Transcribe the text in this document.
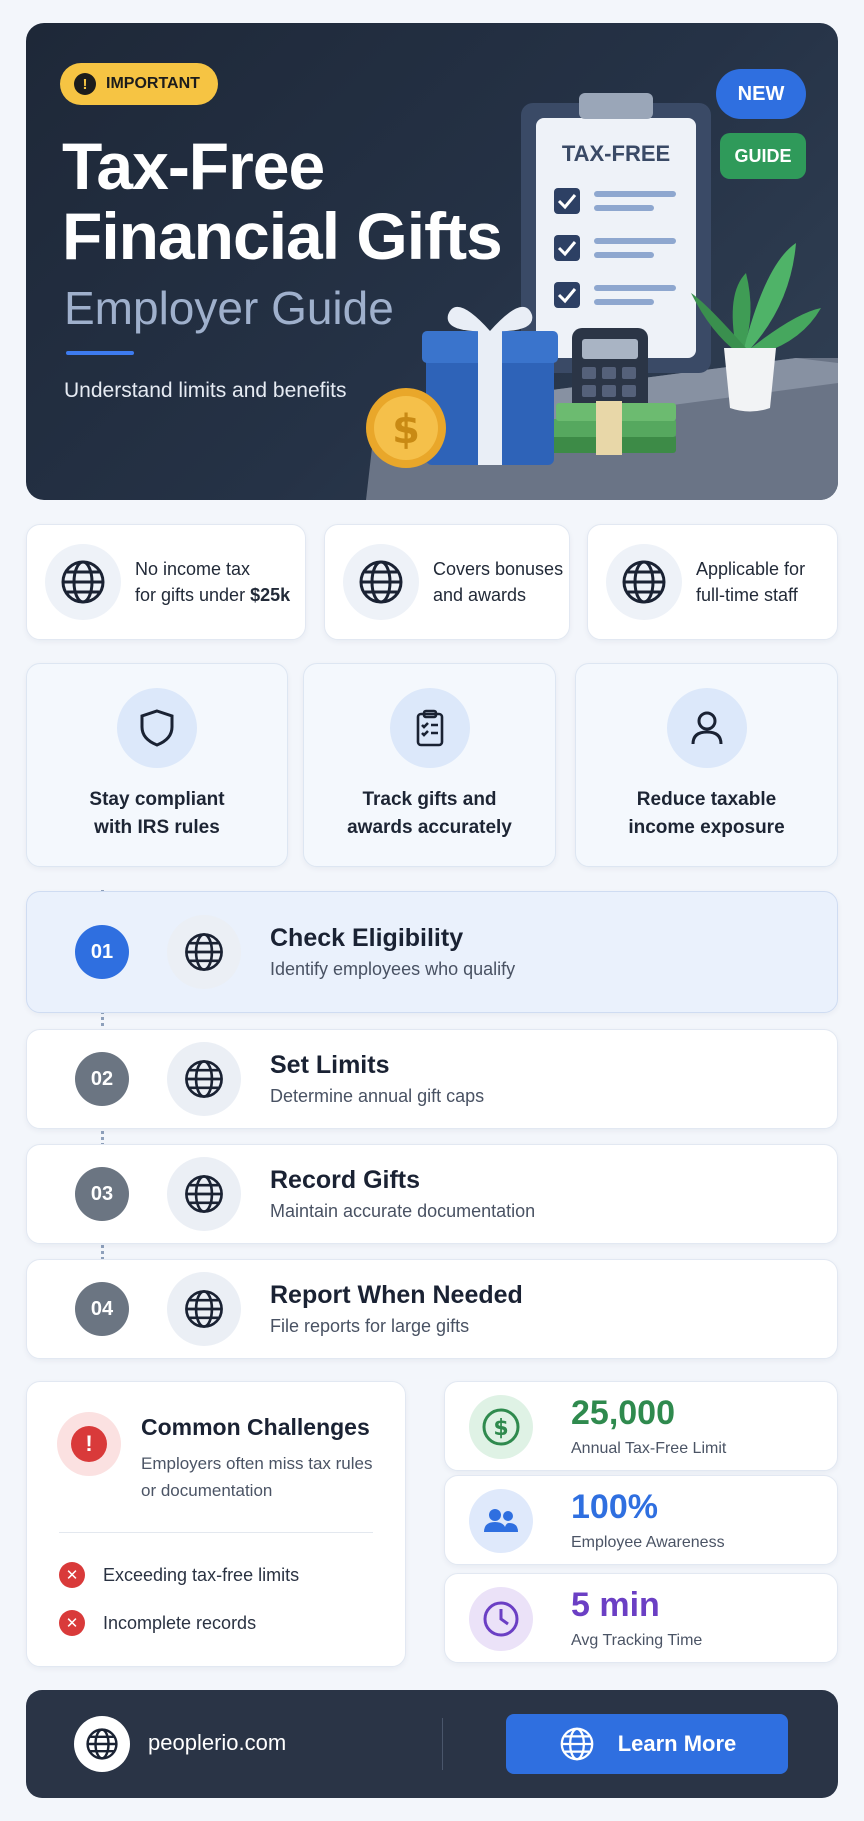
!	IMPORTANT
Tax-Free
Financial Gifts
Employer Guide
Understand limits and benefits
TAX-FREE
$
NEW
GUIDE
No income tax
for gifts under $25k
Covers bonuses
and awards
Applicable for
full-time staff
Stay compliant
with IRS rules
Track gifts and
awards accurately
Reduce taxable
income exposure
01	Check Eligibility
Identify employees who qualify
02	Set Limits
Determine annual gift caps
03	Record Gifts
Maintain accurate documentation
04	Report When Needed
File reports for large gifts
!
Common Challenges
Employers often miss tax rules or documentation
✕	Exceeding tax-free limits
✕	Incomplete records
$ 25,000
Annual Tax-Free Limit
100%
Employee Awareness
5 min
Avg Tracking Time
peoplerio.com	Learn More
